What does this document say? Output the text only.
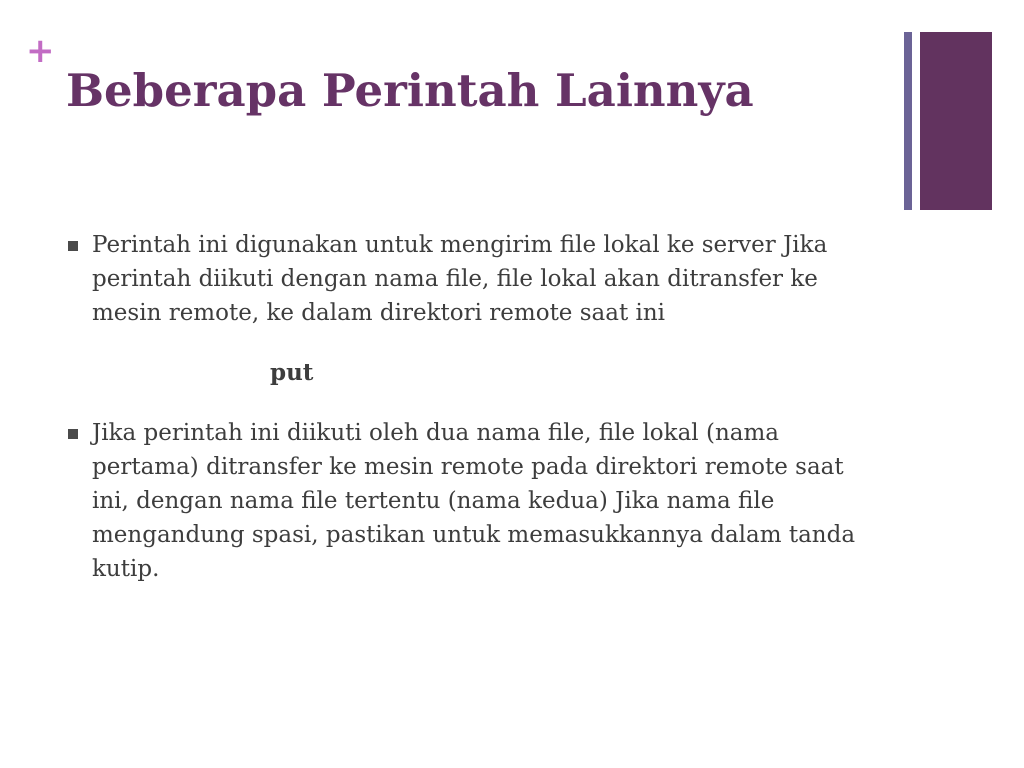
+
Beberapa Perintah Lainnya
Perintah ini digunakan untuk mengirim file lokal ke server Jika perintah diikuti dengan nama file, file lokal akan ditransfer ke mesin remote, ke dalam direktori remote saat ini
put
Jika perintah ini diikuti oleh dua nama file, file lokal (nama pertama) ditransfer ke mesin remote pada direktori remote saat ini, dengan nama file tertentu (nama kedua) Jika nama file mengandung spasi, pastikan untuk memasukkannya dalam tanda kutip.
